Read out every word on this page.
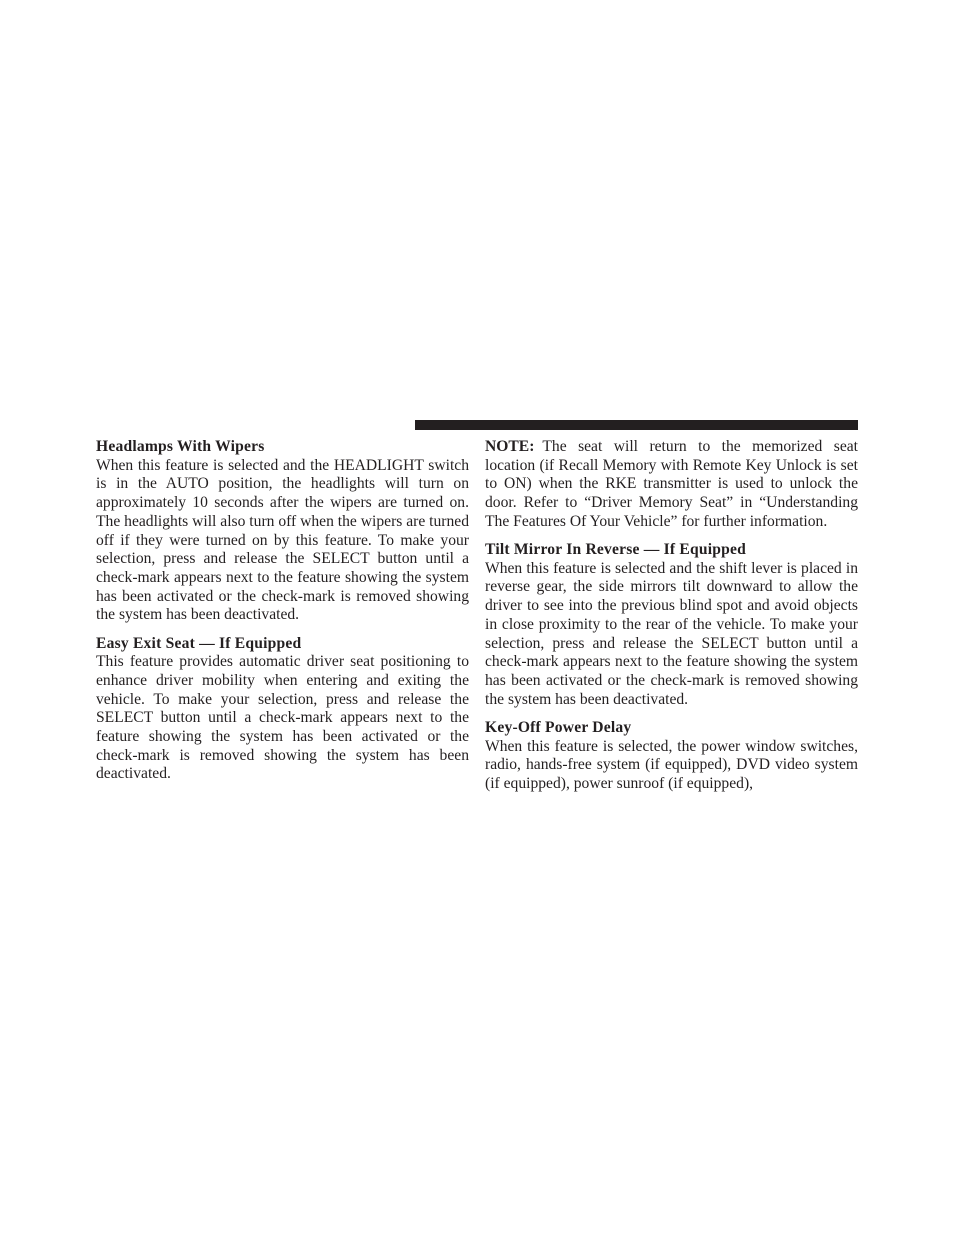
Headlamps With Wipers

When this feature is selected and the HEADLIGHT switch is in the AUTO position, the headlights will turn on approximately 10 seconds after the wipers are turned on. The headlights will also turn off when the wipers are turned off if they were turned on by this feature. To make your selection, press and release the SELECT button until a check-mark appears next to the feature showing the system has been activated or the check-mark is removed showing the system has been deactivated.

Easy Exit Seat — If Equipped

This feature provides automatic driver seat positioning to enhance driver mobility when entering and exiting the vehicle. To make your selection, press and release the SELECT button until a check-mark appears next to the feature showing the system has been activated or the check-mark is removed showing the system has been deactivated.

NOTE: The seat will return to the memorized seat location (if Recall Memory with Remote Key Unlock is set to ON) when the RKE transmitter is used to unlock the door. Refer to “Driver Memory Seat” in “Understanding The Features Of Your Vehicle” for further information.

Tilt Mirror In Reverse — If Equipped

When this feature is selected and the shift lever is placed in reverse gear, the side mirrors tilt downward to allow the driver to see into the previous blind spot and avoid objects in close proximity to the rear of the vehicle. To make your selection, press and release the SELECT button until a check-mark appears next to the feature showing the system has been activated or the check-mark is removed showing the system has been deactivated.

Key-Off Power Delay

When this feature is selected, the power window switches, radio, hands-free system (if equipped), DVD video system (if equipped), power sunroof (if equipped),
